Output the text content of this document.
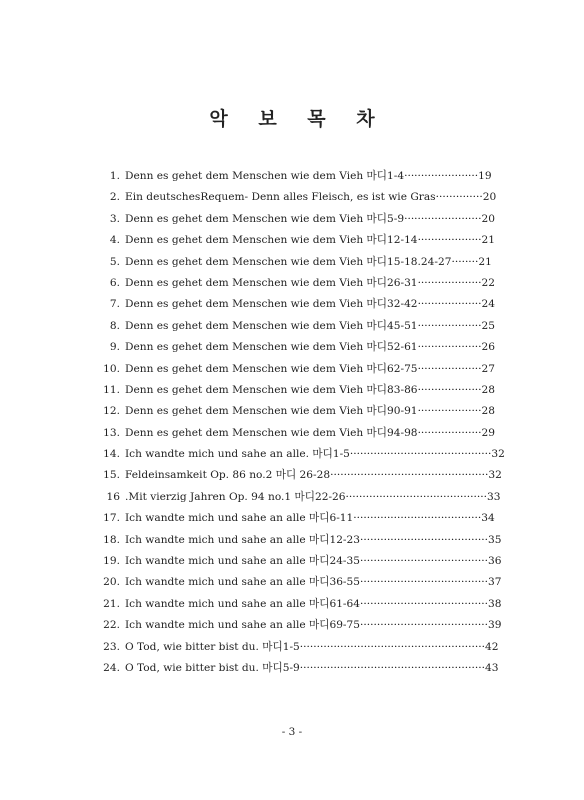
악 보 목 차
1. Denn es gehet dem Menschen wie dem Vieh 마디1-4······················19
2. Ein deutschesRequem- Denn alles Fleisch, es ist wie Gras··············20
3. Denn es gehet dem Menschen wie dem Vieh 마디5-9·······················20
4. Denn es gehet dem Menschen wie dem Vieh 마디12-14···················21
5. Denn es gehet dem Menschen wie dem Vieh 마디15-18.24-27········21
6. Denn es gehet dem Menschen wie dem Vieh 마디26-31···················22
7. Denn es gehet dem Menschen wie dem Vieh 마디32-42···················24
8. Denn es gehet dem Menschen wie dem Vieh 마디45-51···················25
9. Denn es gehet dem Menschen wie dem Vieh 마디52-61···················26
10. Denn es gehet dem Menschen wie dem Vieh 마디62-75···················27
11. Denn es gehet dem Menschen wie dem Vieh 마디83-86···················28
12. Denn es gehet dem Menschen wie dem Vieh 마디90-91···················28
13. Denn es gehet dem Menschen wie dem Vieh 마디94-98···················29
14. Ich wandte mich und sahe an alle. 마디1-5··········································32
15. Feldeinsamkeit Op. 86 no.2 마디 26-28···············································32
16 .Mit vierzig Jahren Op. 94 no.1 마디22-26··········································33
17. Ich wandte mich und sahe an alle 마디6-11······································34
18. Ich wandte mich und sahe an alle 마디12-23······································35
19. Ich wandte mich und sahe an alle 마디24-35······································36
20. Ich wandte mich und sahe an alle 마디36-55······································37
21. Ich wandte mich und sahe an alle 마디61-64······································38
22. Ich wandte mich und sahe an alle 마디69-75······································39
23. O Tod, wie bitter bist du. 마디1-5·······················································42
24. O Tod, wie bitter bist du. 마디5-9·······················································43
- 3 -
